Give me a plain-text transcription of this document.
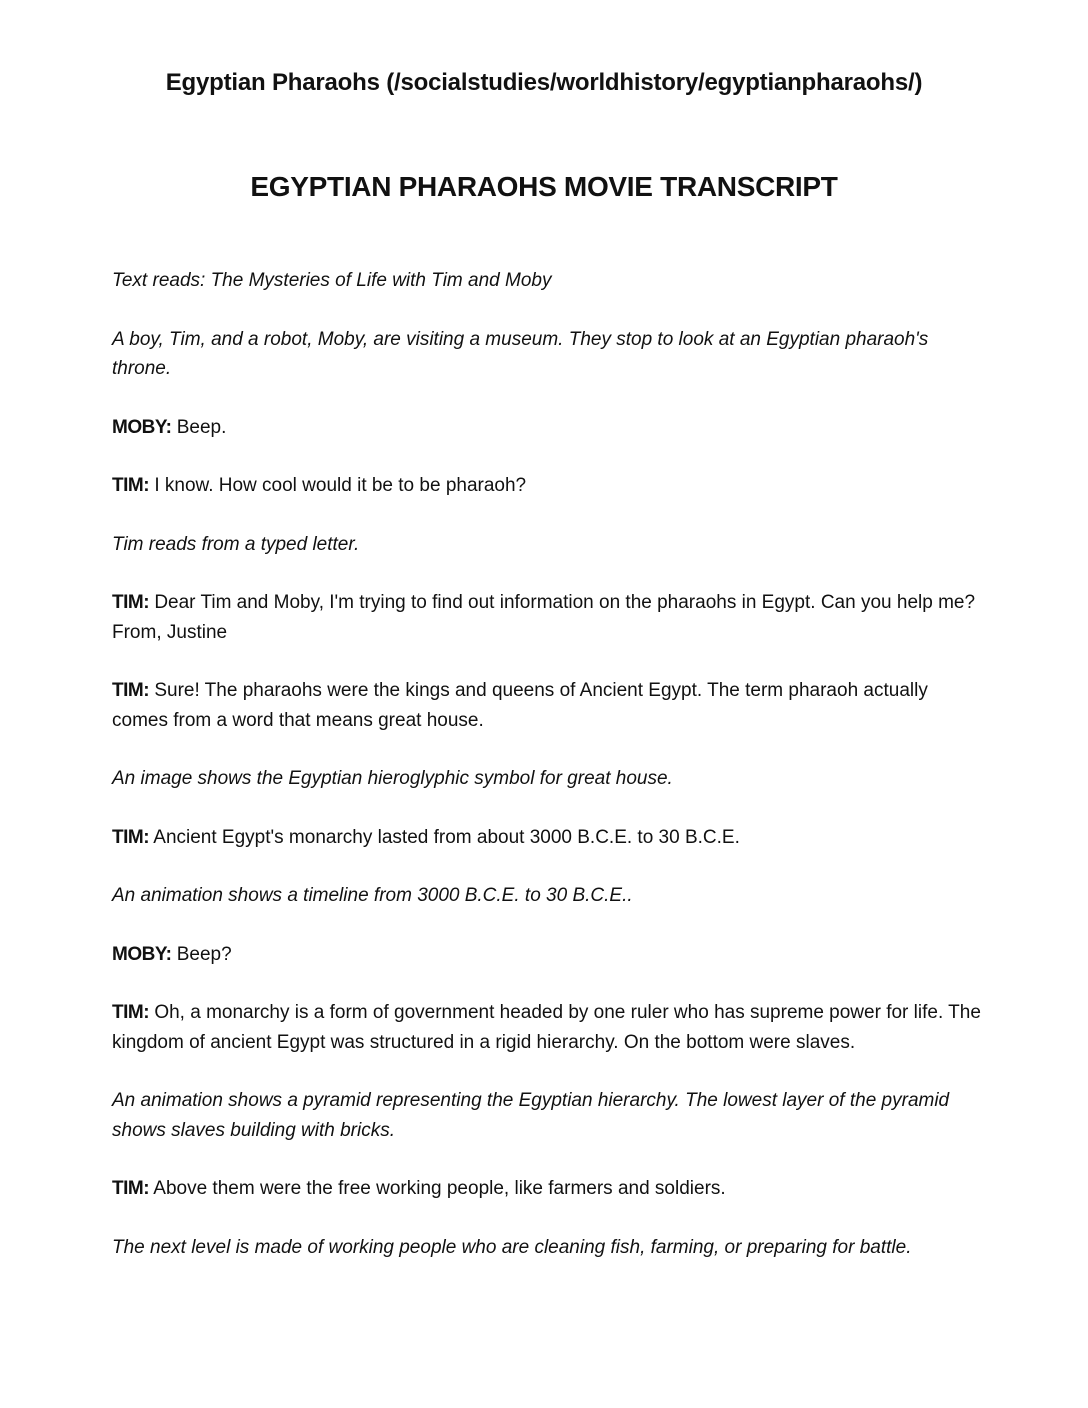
Egyptian Pharaohs (/socialstudies/worldhistory/egyptianpharaohs/)
EGYPTIAN PHARAOHS MOVIE TRANSCRIPT

Text reads: The Mysteries of Life with Tim and Moby

A boy, Tim, and a robot, Moby, are visiting a museum. They stop to look at an Egyptian pharaoh's throne.

MOBY: Beep.

TIM: I know. How cool would it be to be pharaoh?

Tim reads from a typed letter.

TIM: Dear Tim and Moby, I'm trying to find out information on the pharaohs in Egypt. Can you help me? From, Justine

TIM: Sure! The pharaohs were the kings and queens of Ancient Egypt. The term pharaoh actually comes from a word that means great house.

An image shows the Egyptian hieroglyphic symbol for great house.

TIM: Ancient Egypt's monarchy lasted from about 3000 B.C.E. to 30 B.C.E.

An animation shows a timeline from 3000 B.C.E. to 30 B.C.E..

MOBY: Beep?

TIM: Oh, a monarchy is a form of government headed by one ruler who has supreme power for life. The kingdom of ancient Egypt was structured in a rigid hierarchy. On the bottom were slaves.

An animation shows a pyramid representing the Egyptian hierarchy. The lowest layer of the pyramid shows slaves building with bricks.

TIM: Above them were the free working people, like farmers and soldiers.

The next level is made of working people who are cleaning fish, farming, or preparing for battle.
